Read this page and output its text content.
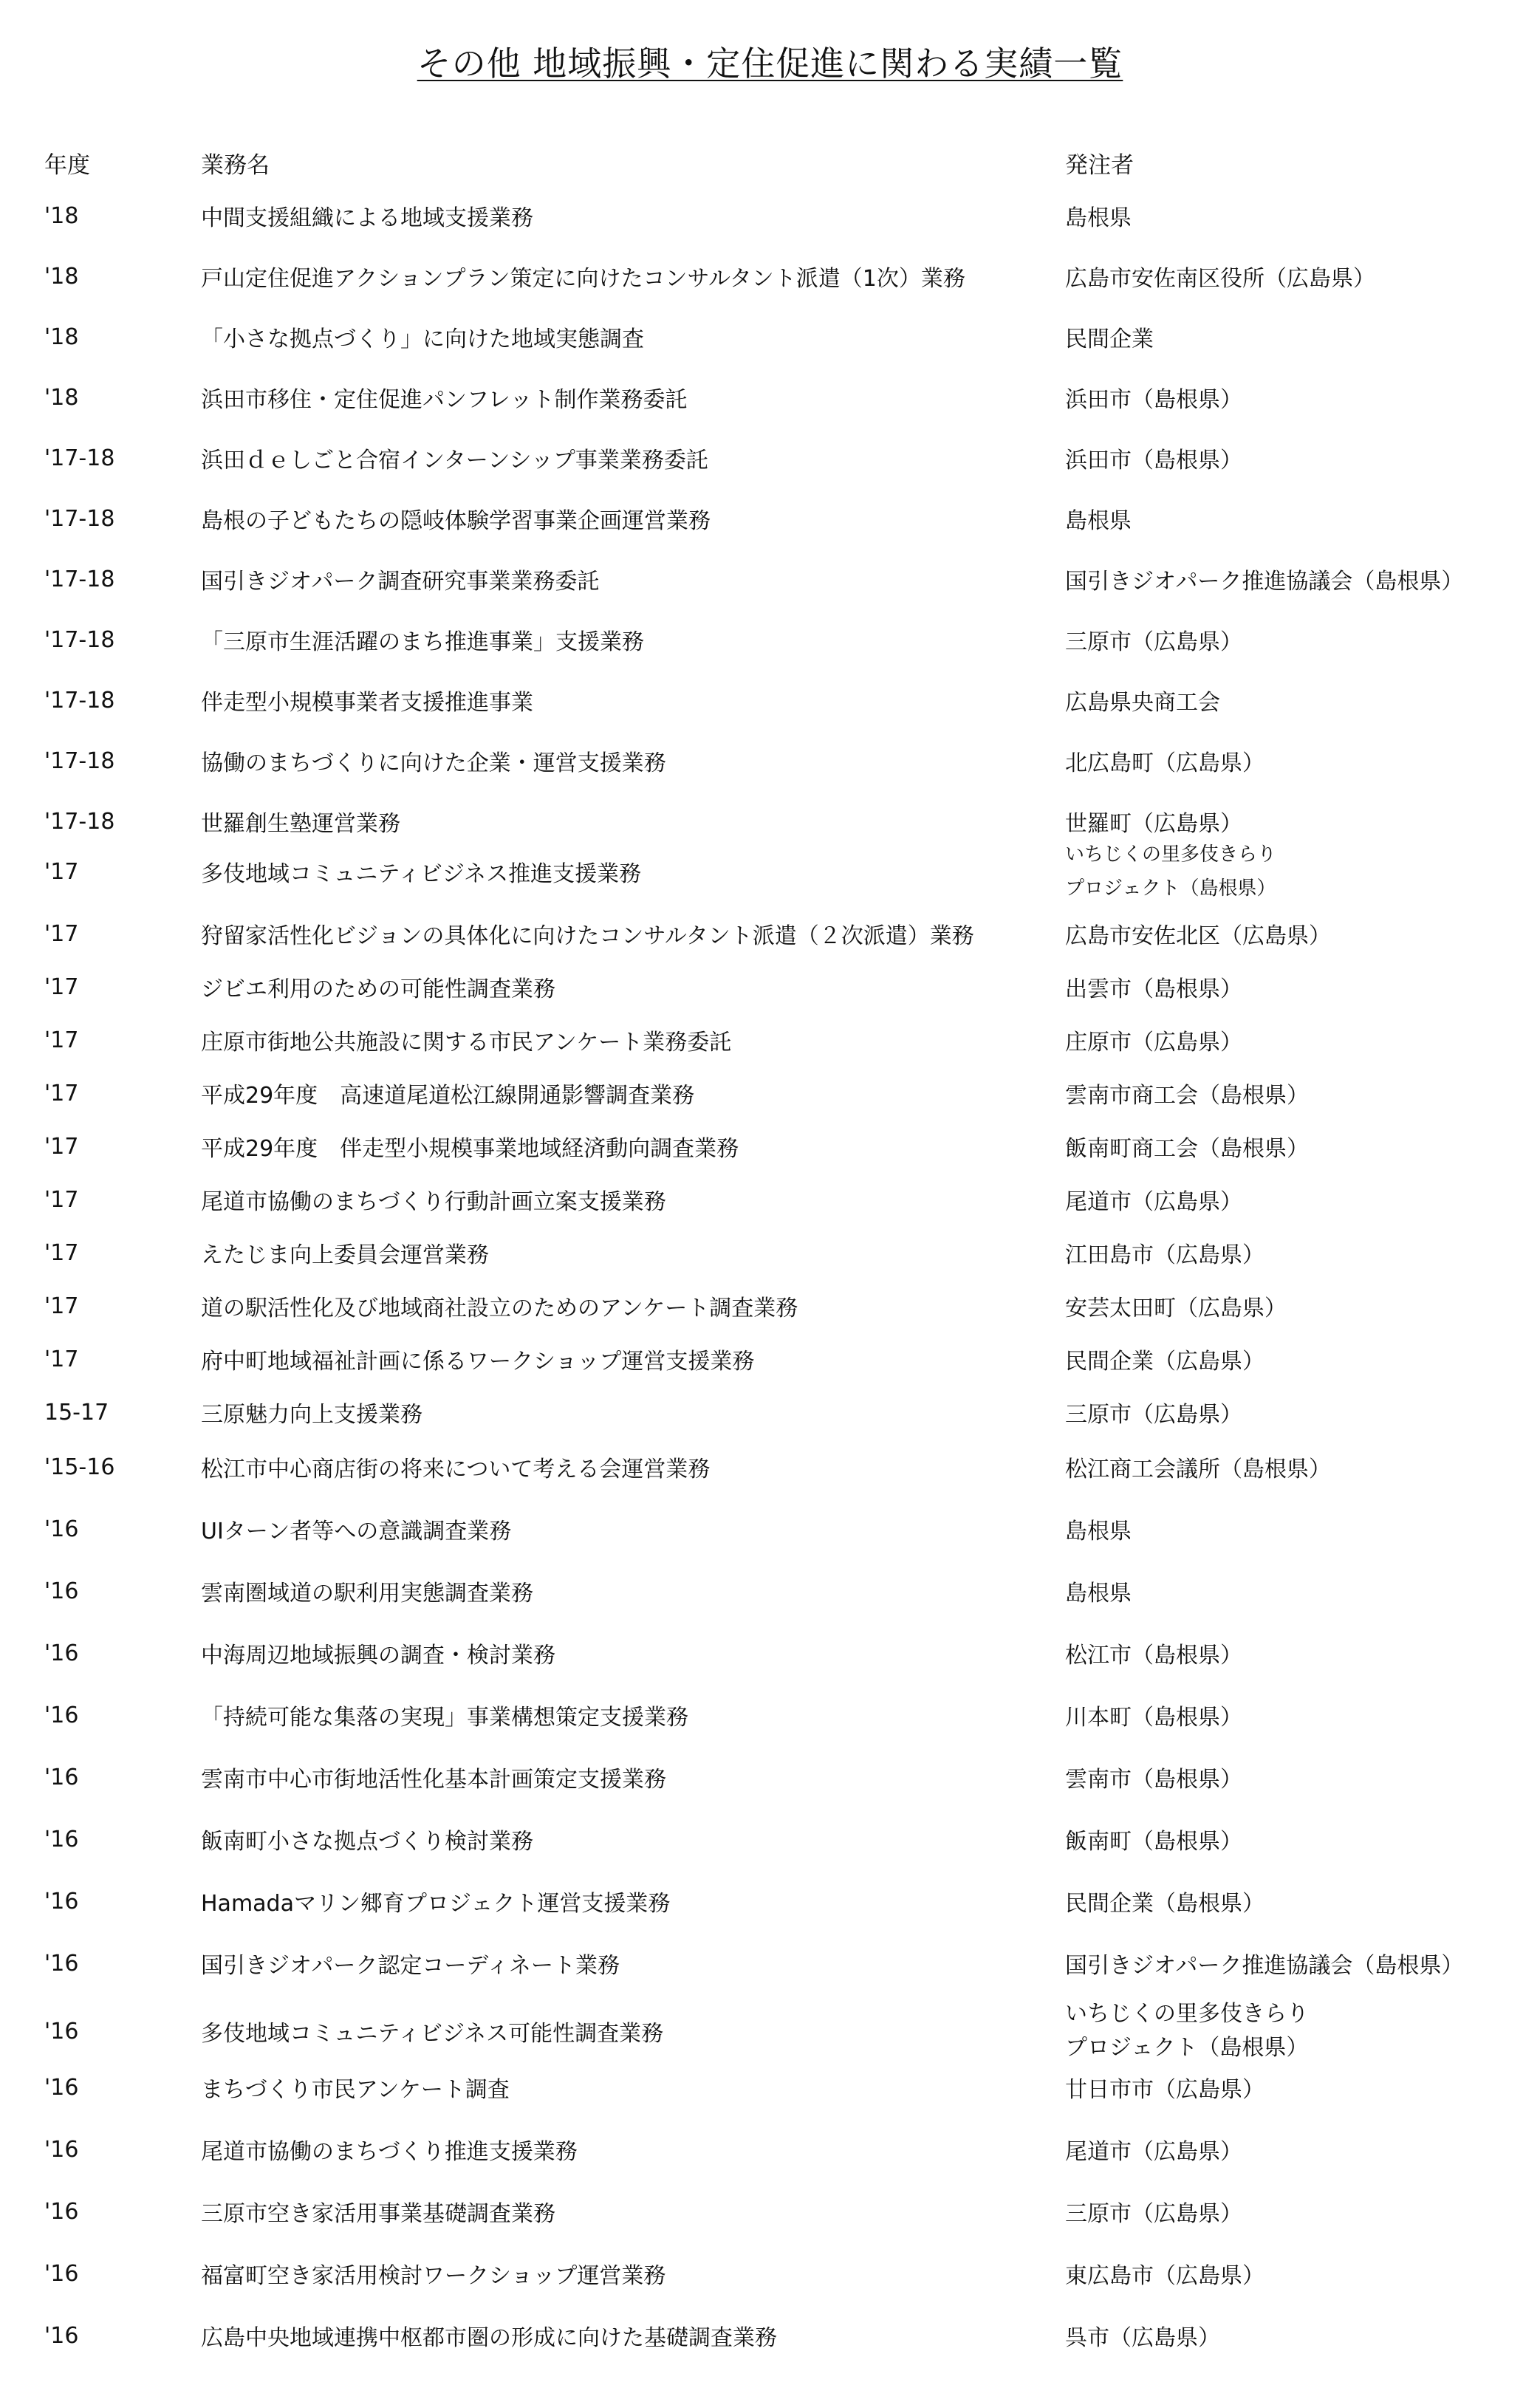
その他 地域振興・定住促進に関わる実績一覧
年度	業務名	発注者
'18	中間支援組織による地域支援業務	島根県
'18	戸山定住促進アクションプラン策定に向けたコンサルタント派遣（1次）業務	広島市安佐南区役所（広島県）
'18	「小さな拠点づくり」に向けた地域実態調査	民間企業
'18	浜田市移住・定住促進パンフレット制作業務委託	浜田市（島根県）
'17-18	浜田ｄｅしごと合宿インターンシップ事業業務委託	浜田市（島根県）
'17-18	島根の子どもたちの隠岐体験学習事業企画運営業務	島根県
'17-18	国引きジオパーク調査研究事業業務委託	国引きジオパーク推進協議会（島根県）
'17-18	「三原市生涯活躍のまち推進事業」支援業務	三原市（広島県）
'17-18	伴走型小規模事業者支援推進事業	広島県央商工会
'17-18	協働のまちづくりに向けた企業・運営支援業務	北広島町（広島県）
'17-18	世羅創生塾運営業務	世羅町（広島県）
'17	多伎地域コミュニティビジネス推進支援業務
いちじくの里多伎きらり
プロジェクト（島根県）
'17	狩留家活性化ビジョンの具体化に向けたコンサルタント派遣（２次派遣）業務	広島市安佐北区（広島県）
'17	ジビエ利用のための可能性調査業務	出雲市（島根県）
'17	庄原市街地公共施設に関する市民アンケート業務委託	庄原市（広島県）
'17	平成29年度　高速道尾道松江線開通影響調査業務	雲南市商工会（島根県）
'17	平成29年度　伴走型小規模事業地域経済動向調査業務	飯南町商工会（島根県）
'17	尾道市協働のまちづくり行動計画立案支援業務	尾道市（広島県）
'17	えたじま向上委員会運営業務	江田島市（広島県）
'17	道の駅活性化及び地域商社設立のためのアンケート調査業務	安芸太田町（広島県）
'17	府中町地域福祉計画に係るワークショップ運営支援業務	民間企業（広島県）
15-17	三原魅力向上支援業務	三原市（広島県）
'15-16	松江市中心商店街の将来について考える会運営業務	松江商工会議所（島根県）
'16	UIターン者等への意識調査業務	島根県
'16	雲南圏域道の駅利用実態調査業務	島根県
'16	中海周辺地域振興の調査・検討業務	松江市（島根県）
'16	「持続可能な集落の実現」事業構想策定支援業務	川本町（島根県）
'16	雲南市中心市街地活性化基本計画策定支援業務	雲南市（島根県）
'16	飯南町小さな拠点づくり検討業務	飯南町（島根県）
'16	Hamadaマリン郷育プロジェクト運営支援業務	民間企業（島根県）
'16	国引きジオパーク認定コーディネート業務	国引きジオパーク推進協議会（島根県）
'16	多伎地域コミュニティビジネス可能性調査業務
いちじくの里多伎きらり
プロジェクト（島根県）
'16	まちづくり市民アンケート調査	廿日市市（広島県）
'16	尾道市協働のまちづくり推進支援業務	尾道市（広島県）
'16	三原市空き家活用事業基礎調査業務	三原市（広島県）
'16	福富町空き家活用検討ワークショップ運営業務	東広島市（広島県）
'16	広島中央地域連携中枢都市圏の形成に向けた基礎調査業務	呉市（広島県）
